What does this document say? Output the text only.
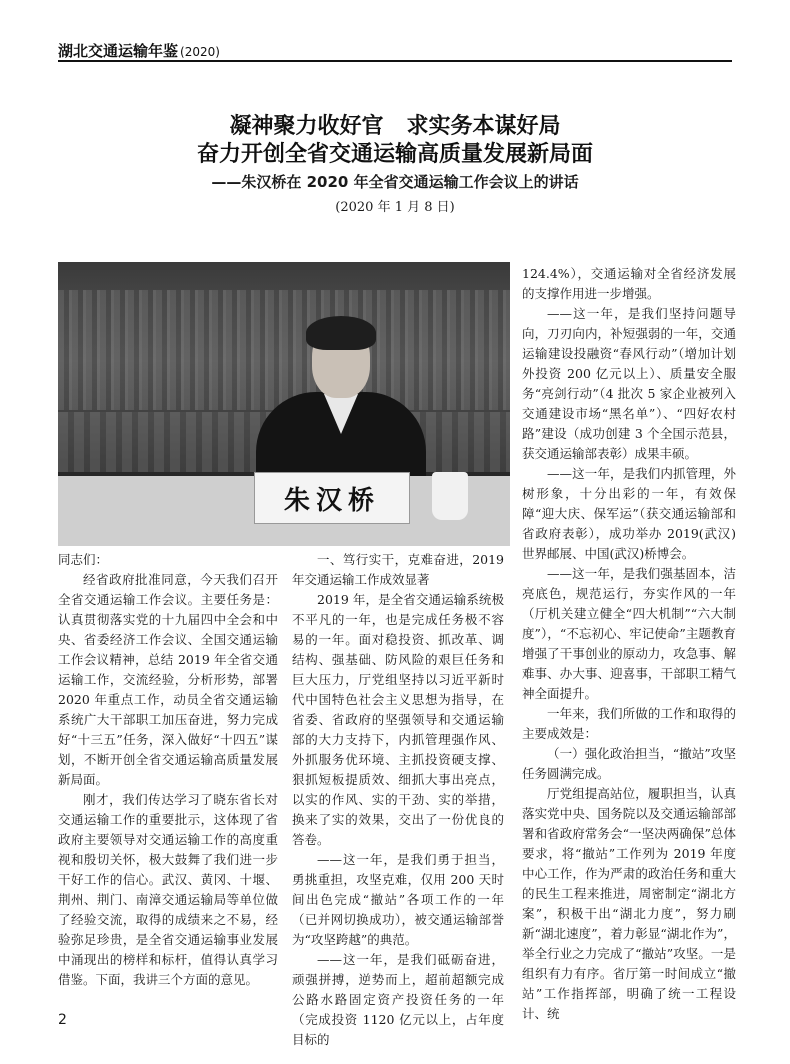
湖北交通运输年鉴 (2020)
凝神聚力收好官   求实务本谋好局
奋力开创全省交通运输高质量发展新局面
——朱汉桥在 2020 年全省交通运输工作会议上的讲话
(2020 年 1 月 8 日)
朱汉桥

同志们：

经省政府批准同意，今天我们召开全省交通运输工作会议。主要任务是：认真贯彻落实党的十九届四中全会和中央、省委经济工作会议、全国交通运输工作会议精神，总结 2019 年全省交通运输工作，交流经验，分析形势，部署 2020 年重点工作，动员全省交通运输系统广大干部职工加压奋进，努力完成好“十三五”任务，深入做好“十四五”谋划，不断开创全省交通运输高质量发展新局面。

刚才，我们传达学习了晓东省长对交通运输工作的重要批示，这体现了省政府主要领导对交通运输工作的高度重视和殷切关怀，极大鼓舞了我们进一步干好工作的信心。武汉、黄冈、十堰、荆州、荆门、南漳交通运输局等单位做了经验交流，取得的成绩来之不易，经验弥足珍贵，是全省交通运输事业发展中涌现出的榜样和标杆，值得认真学习借鉴。下面，我讲三个方面的意见。

一、笃行实干，克难奋进，2019 年交通运输工作成效显著

2019 年，是全省交通运输系统极不平凡的一年，也是完成任务极不容易的一年。面对稳投资、抓改革、调结构、强基础、防风险的艰巨任务和巨大压力，厅党组坚持以习近平新时代中国特色社会主义思想为指导，在省委、省政府的坚强领导和交通运输部的大力支持下，内抓管理强作风、外抓服务优环境、主抓投资硬支撑、狠抓短板提质效、细抓大事出亮点，以实的作风、实的干劲、实的举措，换来了实的效果，交出了一份优良的答卷。

——这一年，是我们勇于担当，勇挑重担，攻坚克难，仅用 200 天时间出色完成“撤站”各项工作的一年（已并网切换成功），被交通运输部誉为“攻坚跨越”的典范。

——这一年，是我们砥砺奋进，顽强拼搏，逆势而上，超前超额完成公路水路固定资产投资任务的一年（完成投资 1120 亿元以上，占年度目标的

124.4%），交通运输对全省经济发展的支撑作用进一步增强。

——这一年，是我们坚持问题导向，刀刃向内，补短强弱的一年，交通运输建设投融资“春风行动”（增加计划外投资 200 亿元以上）、质量安全服务“亮剑行动”（4 批次 5 家企业被列入交通建设市场“黑名单”）、“四好农村路”建设（成功创建 3 个全国示范县，获交通运输部表彰）成果丰硕。

——这一年，是我们内抓管理，外树形象，十分出彩的一年，有效保障“迎大庆、保军运”（获交通运输部和省政府表彰），成功举办 2019(武汉)世界邮展、中国(武汉)桥博会。

——这一年，是我们强基固本，洁亮底色，规范运行，夯实作风的一年（厅机关建立健全“四大机制”“六大制度”），“不忘初心、牢记使命”主题教育增强了干事创业的原动力，攻急事、解难事、办大事、迎喜事，干部职工精气神全面提升。

一年来，我们所做的工作和取得的主要成效是：

（一）强化政治担当，“撤站”攻坚任务圆满完成。

厅党组提高站位，履职担当，认真落实党中央、国务院以及交通运输部部署和省政府常务会“一坚决两确保”总体要求，将“撤站”工作列为 2019 年度中心工作，作为严肃的政治任务和重大的民生工程来推进，周密制定“湖北方案”，积极干出“湖北力度”，努力刷新“湖北速度”，着力彰显“湖北作为”，举全行业之力完成了“撤站”攻坚。一是组织有力有序。省厅第一时间成立“撤站”工作指挥部，明确了统一工程设计、统

2
